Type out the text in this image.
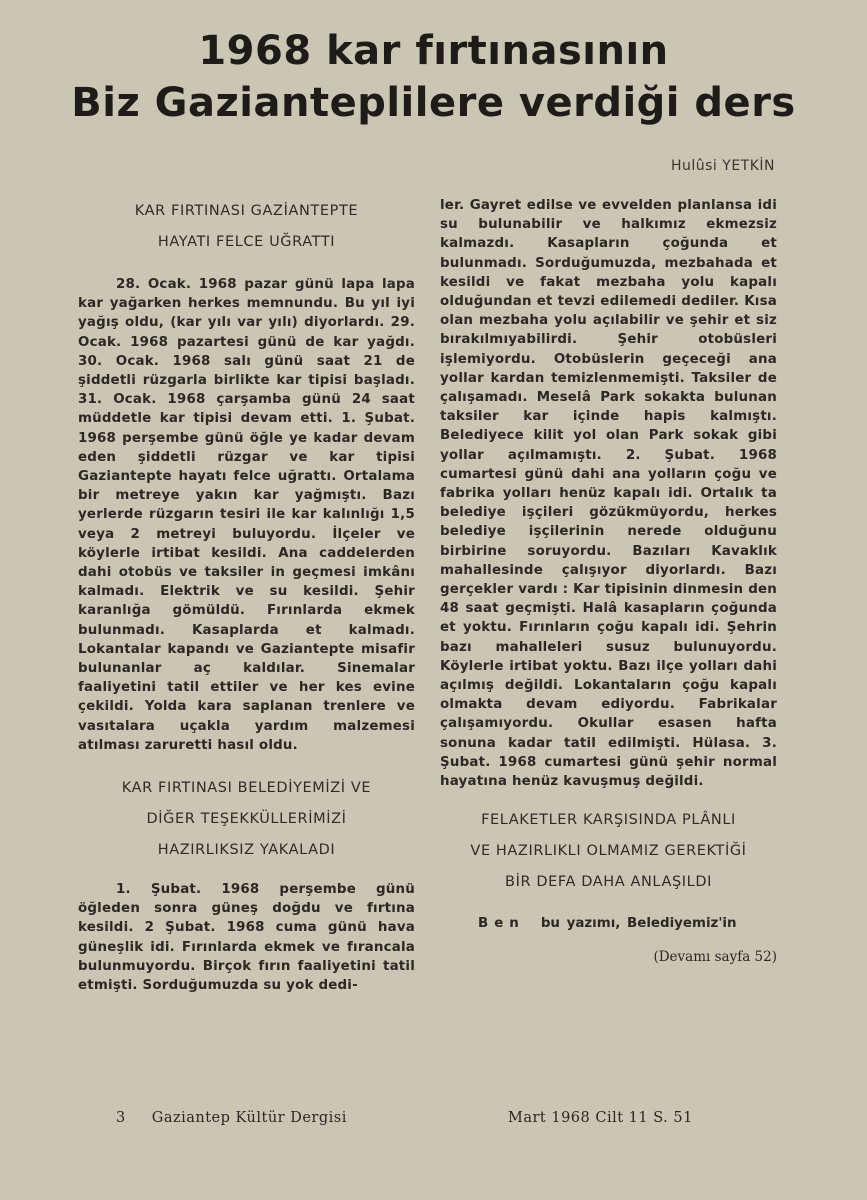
1968 kar fırtınasının
Biz Gazianteplilere verdiği ders
Hulûsi YETKİN
KAR FIRTINASI GAZİANTEPTE
HAYATI FELCE UĞRATTI
28. Ocak. 1968 pazar günü lapa lapa kar yağarken herkes memnundu. Bu yıl iyi yağış oldu, (kar yılı var yılı) diyorlardı. 29. Ocak. 1968 pazartesi günü de kar yağdı. 30. Ocak. 1968 salı günü saat 21 de şiddetli rüzgarla birlikte kar tipisi başladı. 31. Ocak. 1968 çarşamba günü 24 saat müddetle kar tipisi devam etti. 1. Şubat. 1968 perşembe günü öğle ye kadar devam eden şiddetli rüzgar ve kar tipisi Gaziantepte hayatı felce uğrattı. Ortalama bir metreye yakın kar yağmıştı. Bazı yerlerde rüzgarın tesiri ile kar kalınlığı 1,5 veya 2 metreyi buluyordu. İlçeler ve köylerle irtibat kesildi. Ana caddelerden dahi otobüs ve taksiler in geçmesi imkânı kalmadı. Elektrik ve su kesildi. Şehir karanlığa gömüldü. Fırınlarda ekmek bulunmadı. Kasaplarda et kalmadı. Lokantalar kapandı ve Gaziantepte misafir bulunanlar aç kaldılar. Sinemalar faaliyetini tatil ettiler ve her kes evine çekildi. Yolda kara saplanan trenlere ve vasıtalara uçakla yardım malzemesi atılması zaruretti hasıl oldu.
KAR FIRTINASI BELEDİYEMİZİ VE
DİĞER TEŞEKKÜLLERİMİZİ
HAZIRLIKSIZ YAKALADI
1. Şubat. 1968 perşembe günü öğleden sonra güneş doğdu ve fırtına kesildi. 2 Şubat. 1968 cuma günü hava güneşlik idi. Fırınlarda ekmek ve fırancala bulunmuyordu. Birçok fırın faaliyetini tatil etmişti. Sorduğumuzda su yok dedi-
ler. Gayret edilse ve evvelden planlansa idi su bulunabilir ve halkımız ekmezsiz kalmazdı. Kasapların çoğunda et bulunmadı. Sorduğumuzda, mezbahada et kesildi ve fakat mezbaha yolu kapalı olduğundan et tevzi edilemedi dediler. Kısa olan mezbaha yolu açılabilir ve şehir et siz bırakılmıyabilirdi. Şehir otobüsleri işlemiyordu. Otobüslerin geçeceği ana yollar kardan temizlenmemişti. Taksiler de çalışamadı. Meselâ Park sokakta bulunan taksiler kar içinde hapis kalmıştı. Belediyece kilit yol olan Park sokak gibi yollar açılmamıştı. 2. Şubat. 1968 cumartesi günü dahi ana yolların çoğu ve fabrika yolları henüz kapalı idi. Ortalık ta belediye işçileri gözükmüyordu, herkes belediye işçilerinin nerede olduğunu birbirine soruyordu. Bazıları Kavaklık mahallesinde çalışıyor diyorlardı. Bazı gerçekler vardı : Kar tipisinin dinmesin den 48 saat geçmişti. Halâ kasapların çoğunda et yoktu. Fırınların çoğu kapalı idi. Şehrin bazı mahalleleri susuz bulunuyordu. Köylerle irtibat yoktu. Bazı ilçe yolları dahi açılmış değildi. Lokantaların çoğu kapalı olmakta devam ediyordu. Fabrikalar çalışamıyordu. Okullar esasen hafta sonuna kadar tatil edilmişti. Hülasa. 3. Şubat. 1968 cumartesi günü şehir normal hayatına henüz kavuşmuş değildi.
FELAKETLER KARŞISINDA PLÂNLI
VE HAZIRLIKLI OLMAMIZ GEREKTİĞİ
BİR DEFA DAHA ANLAŞILDI
Ben bu yazımı, Belediyemiz'in
(Devamı sayfa 52)
3 Gaziantep Kültür Dergisi	Mart 1968 Cilt 11 S. 51
